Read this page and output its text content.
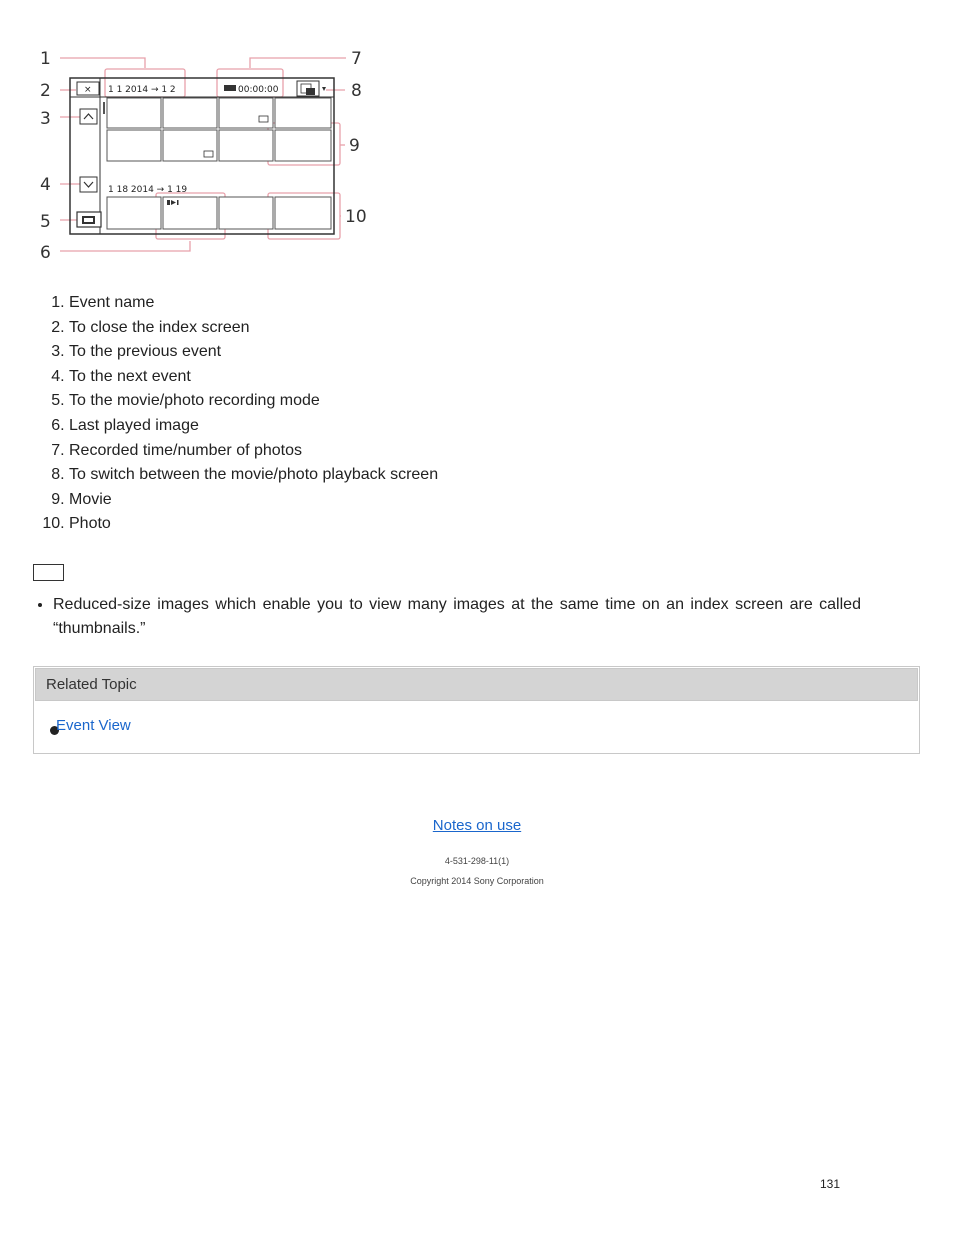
1
2
3
4
5
6
7
8
9
10
× 1 1 2014 → 1 2	00:00:00
1 18 2014 → 1 19
1. Event name
2. To close the index screen
3. To the previous event
4. To the next event
5. To the movie/photo recording mode
6. Last played image
7. Recorded time/number of photos
8. To switch between the movie/photo playback screen
9. Movie
10. Photo
• Reduced-size images which enable you to view many images at the same time on an index screen are called “thumbnails.”
Related Topic
Event View
Notes on use
4-531-298-11(1)
Copyright 2014 Sony Corporation
131
